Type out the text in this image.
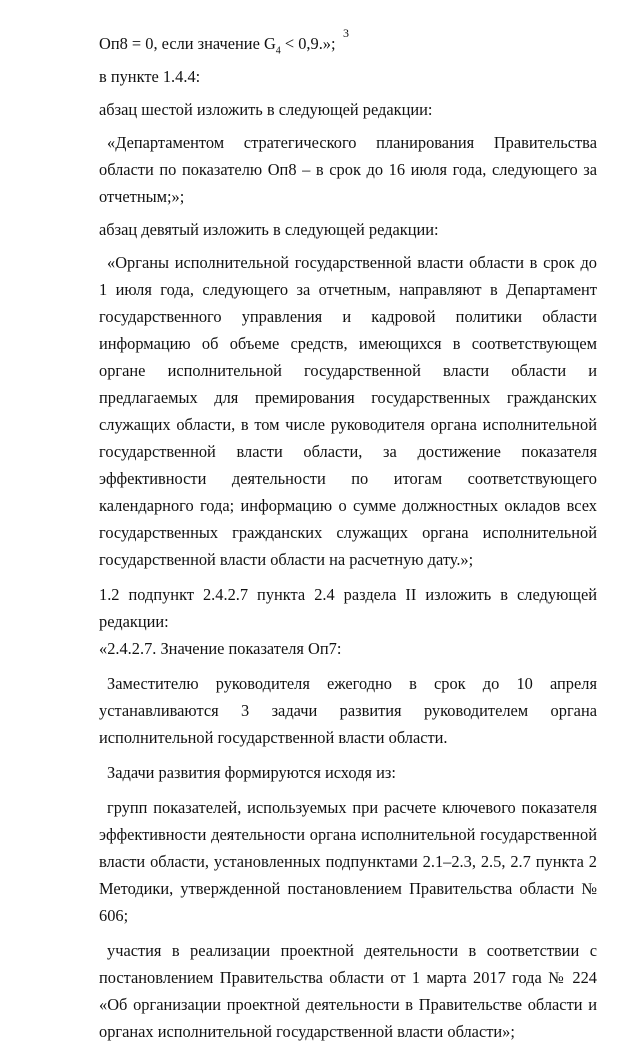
3

Оп8 = 0, если значение $G_4 < 0,9$.»;

в пункте 1.4.4:

абзац шестой изложить в следующей редакции:

«Департаментом стратегического планирования Правительства области по показателю Оп8 – в срок до 16 июля года, следующего за отчетным;»;

абзац девятый изложить в следующей редакции:

«Органы исполнительной государственной власти области в срок до 1 июля года, следующего за отчетным, направляют в Департамент государственного управления и кадровой политики области информацию об объеме средств, имеющихся в соответствующем органе исполнительной государственной власти области и предлагаемых для премирования государственных гражданских служащих области, в том числе руководителя органа исполнительной государственной власти области, за достижение показателя эффективности деятельности по итогам соответствующего календарного года; информацию о сумме должностных окладов всех государственных гражданских служащих органа исполнительной государственной власти области на расчетную дату.»;

1.2 подпункт 2.4.2.7 пункта 2.4 раздела II изложить в следующей редакции:

«2.4.2.7. Значение показателя Оп7:

Заместителю руководителя ежегодно в срок до 10 апреля устанавливаются 3 задачи развития руководителем органа исполнительной государственной власти области.

Задачи развития формируются исходя из:

групп показателей, используемых при расчете ключевого показателя эффективности деятельности органа исполнительной государственной власти области, установленных подпунктами 2.1–2.3, 2.5, 2.7 пункта 2 Методики, утвержденной постановлением Правительства области № 606;

участия в реализации проектной деятельности в соответствии с постановлением Правительства области от 1 марта 2017 года № 224 «Об организации проектной деятельности в Правительстве области и органах исполнительной государственной власти области»;
